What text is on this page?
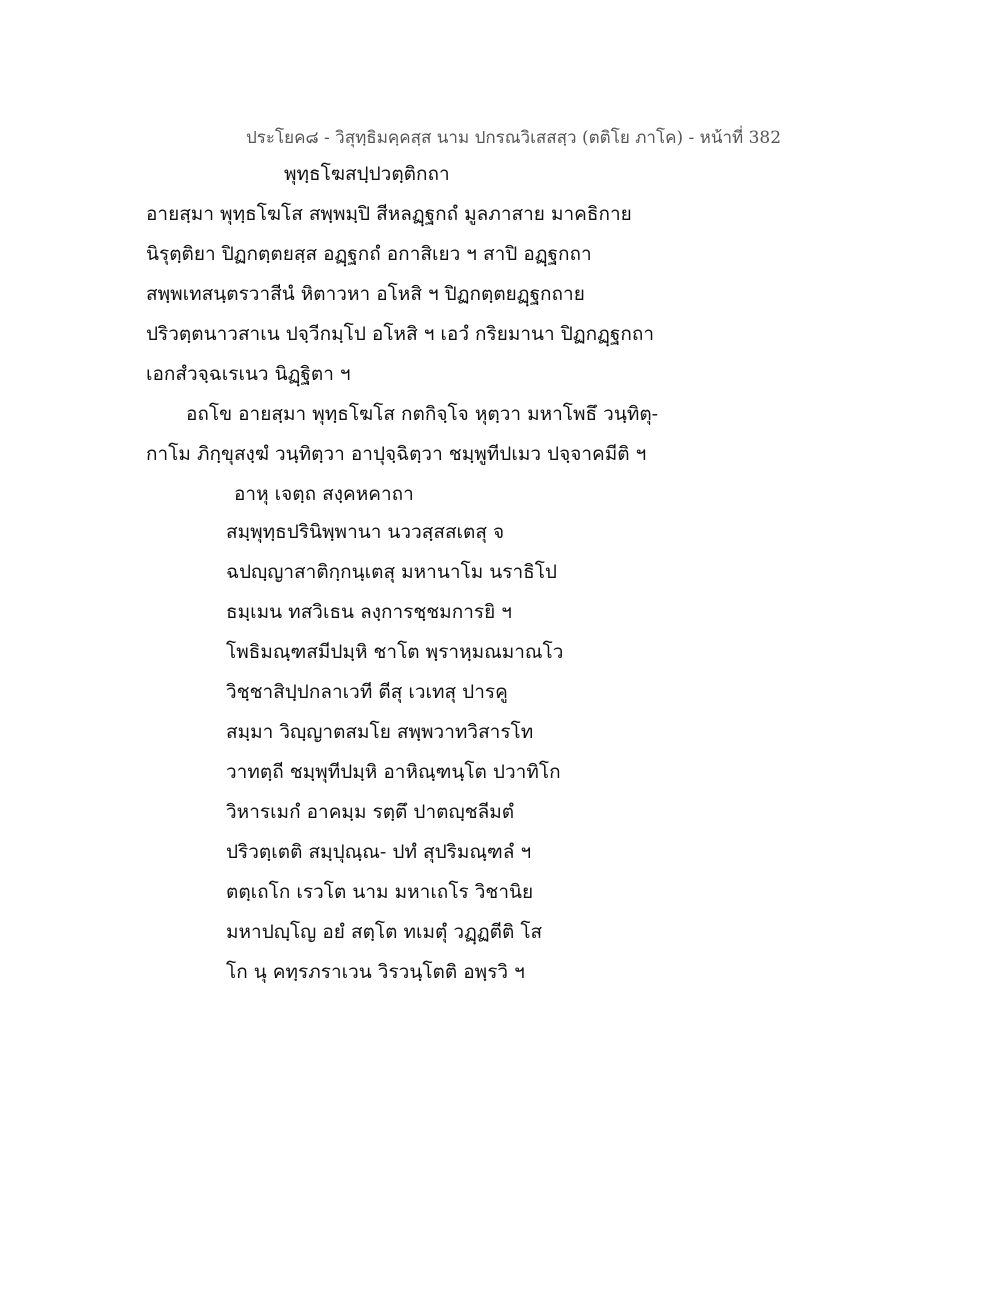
ประโยค๘ - วิสุทฺธิมคฺคสฺส นาม ปกรณวิเสสสฺว (ตติโย ภาโค) - หน้าที่ 382
พุทฺธโฆสปฺปวตฺติกถา
อายสฺมา พุทฺธโฆโส สพฺพมฺปิ สีหลฏฺฐกถํ มูลภาสาย มาคธิกาย
นิรุตฺติยา ปิฏกตฺตยสฺส อฏฺฐกถํ อกาสิเยว ฯ สาปิ อฏฺฐกถา
สพฺพเทสนฺตรวาสีนํ หิตาวหา อโหสิ ฯ ปิฏกตฺตยฏฺฐกถาย
ปริวตฺตนาวสาเน ปจฺวีกมฺโป อโหสิ ฯ เอวํ กริยมานา ปิฏกฏฺฐกถา
เอกสํวจฺฉเรเนว นิฏฺฐิตา ฯ
อถโข อายสฺมา พุทฺธโฆโส กตกิจฺโจ หุตฺวา มหาโพธึ วนฺทิตุ-
กาโม ภิกฺขุสงฺฆํ วนฺทิตฺวา อาปุจฺฉิตฺวา ชมฺพูทีปเมว ปจฺจาคมีติ ฯ
อาหุ เจตฺถ สงฺคหคาถา
สมฺพุทฺธปรินิพฺพานา นววสฺสสเตสุ จ
ฉปญฺญาสาติกฺกนฺเตสุ มหานาโม นราธิโป
ธมฺเมน ทสวิเธน ลงฺการชฺชมการยิ ฯ
โพธิมณฺฑสมีปมฺหิ ชาโต พฺราหฺมณมาณโว
วิชฺชาสิปฺปกลาเวที ตีสุ เวเทสุ ปารคู
สมฺมา วิญฺญาตสมโย สพฺพวาทวิสารโท
วาทตฺถี ชมฺพุทีปมฺหิ อาหิณฺฑนฺโต ปวาทิโก
วิหารเมกํ อาคมฺม รตฺตึ ปาตญฺชลีมตํ
ปริวตฺเตติ สมฺปุณฺณ- ปทํ สุปริมณฺฑลํ ฯ
ตตฺเถโก เรวโต นาม มหาเถโร วิชานิย
มหาปญฺโญ อยํ สตฺโต ทเมตุํ วฏฺฏตีติ โส
โก นุ คทฺรภราเวน วิรวนฺโตติ อพฺรวิ ฯ
